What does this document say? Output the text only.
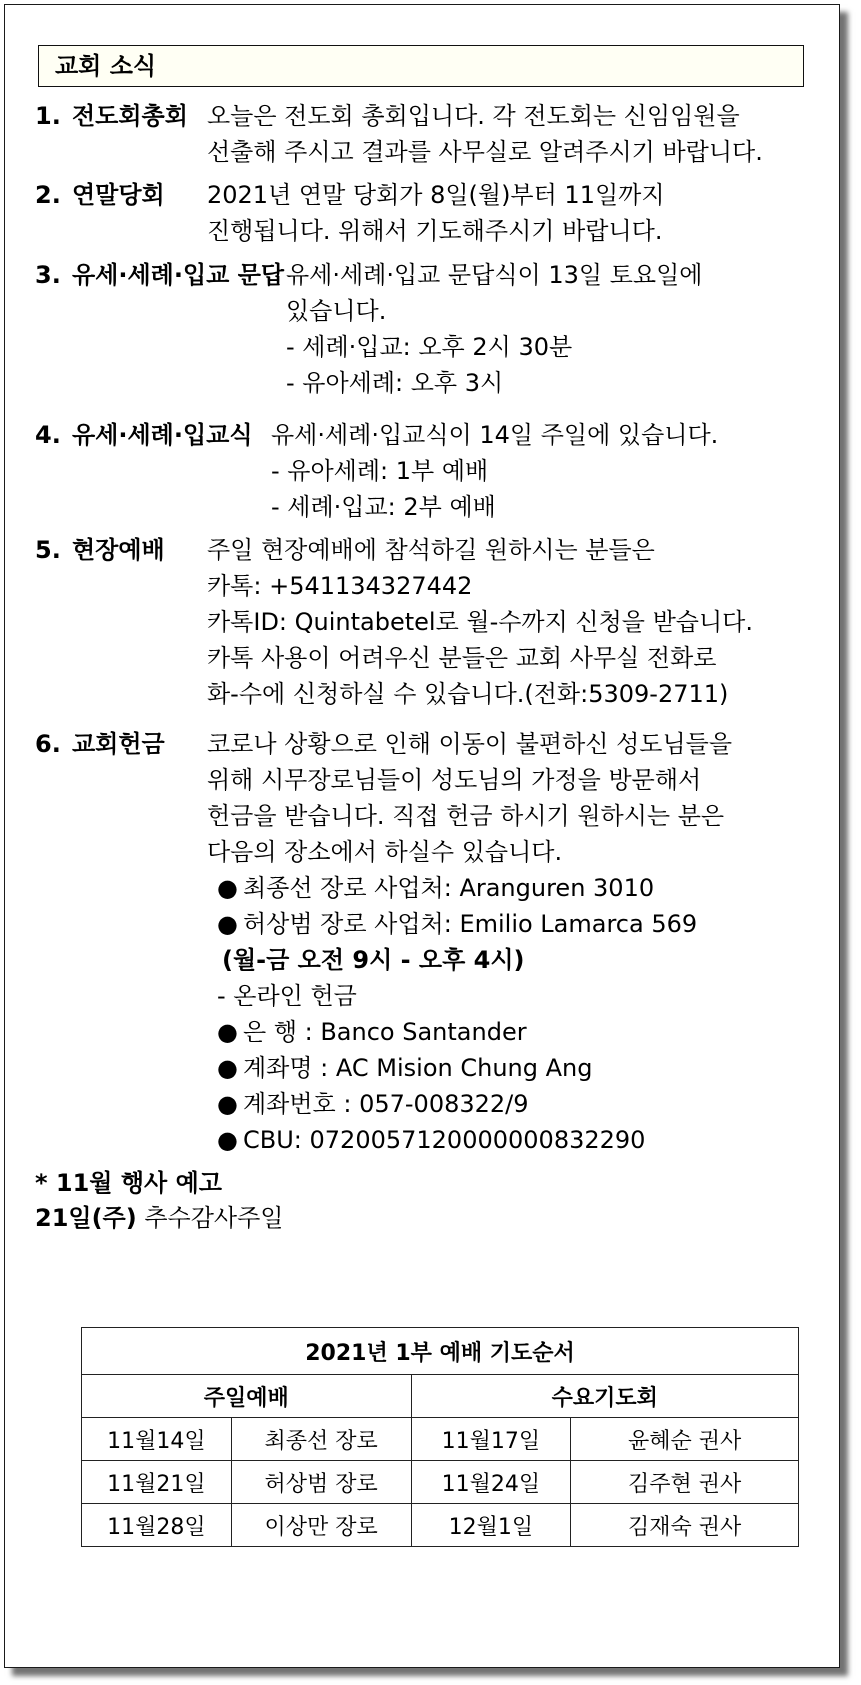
교회 소식
1. 전도회총회 오늘은 전도회 총회입니다. 각 전도회는 신임임원을
선출해 주시고 결과를 사무실로 알려주시기 바랍니다.
2. 연말당회 2021년 연말 당회가 8일(월)부터 11일까지
진행됩니다. 위해서 기도해주시기 바랍니다.
3. 유세·세례·입교 문답 유세·세례·입교 문답식이 13일 토요일에
있습니다.
- 세례·입교: 오후 2시 30분
- 유아세례: 오후 3시
4. 유세·세례·입교식 유세·세례·입교식이 14일 주일에 있습니다.
- 유아세례: 1부 예배
- 세례·입교: 2부 예배
5. 현장예배 주일 현장예배에 참석하길 원하시는 분들은
카톡: +541134327442
카톡ID: Quintabetel로 월-수까지 신청을 받습니다.
카톡 사용이 어려우신 분들은 교회 사무실 전화로
화-수에 신청하실 수 있습니다.(전화:5309-2711)
6. 교회헌금 코로나 상황으로 인해 이동이 불편하신 성도님들을
위해 시무장로님들이 성도님의 가정을 방문해서
헌금을 받습니다. 직접 헌금 하시기 원하시는 분은
다음의 장소에서 하실수 있습니다.
● 최종선 장로 사업처: Aranguren 3010
● 허상범 장로 사업처: Emilio Lamarca 569
(월-금 오전 9시 - 오후 4시)
- 온라인 헌금
● 은 행 : Banco Santander
● 계좌명 : AC Mision Chung Ang
● 계좌번호 : 057-008322/9
● CBU: 0720057120000000832290
* 11월 행사 예고
21일(주) 추수감사주일
2021년 1부 예배 기도순서			
주일예배		수요기도회	
11월14일	최종선 장로	11월17일	윤혜순 권사
11월21일	허상범 장로	11월24일	김주현 권사
11월28일	이상만 장로	12월1일	김재숙 권사
